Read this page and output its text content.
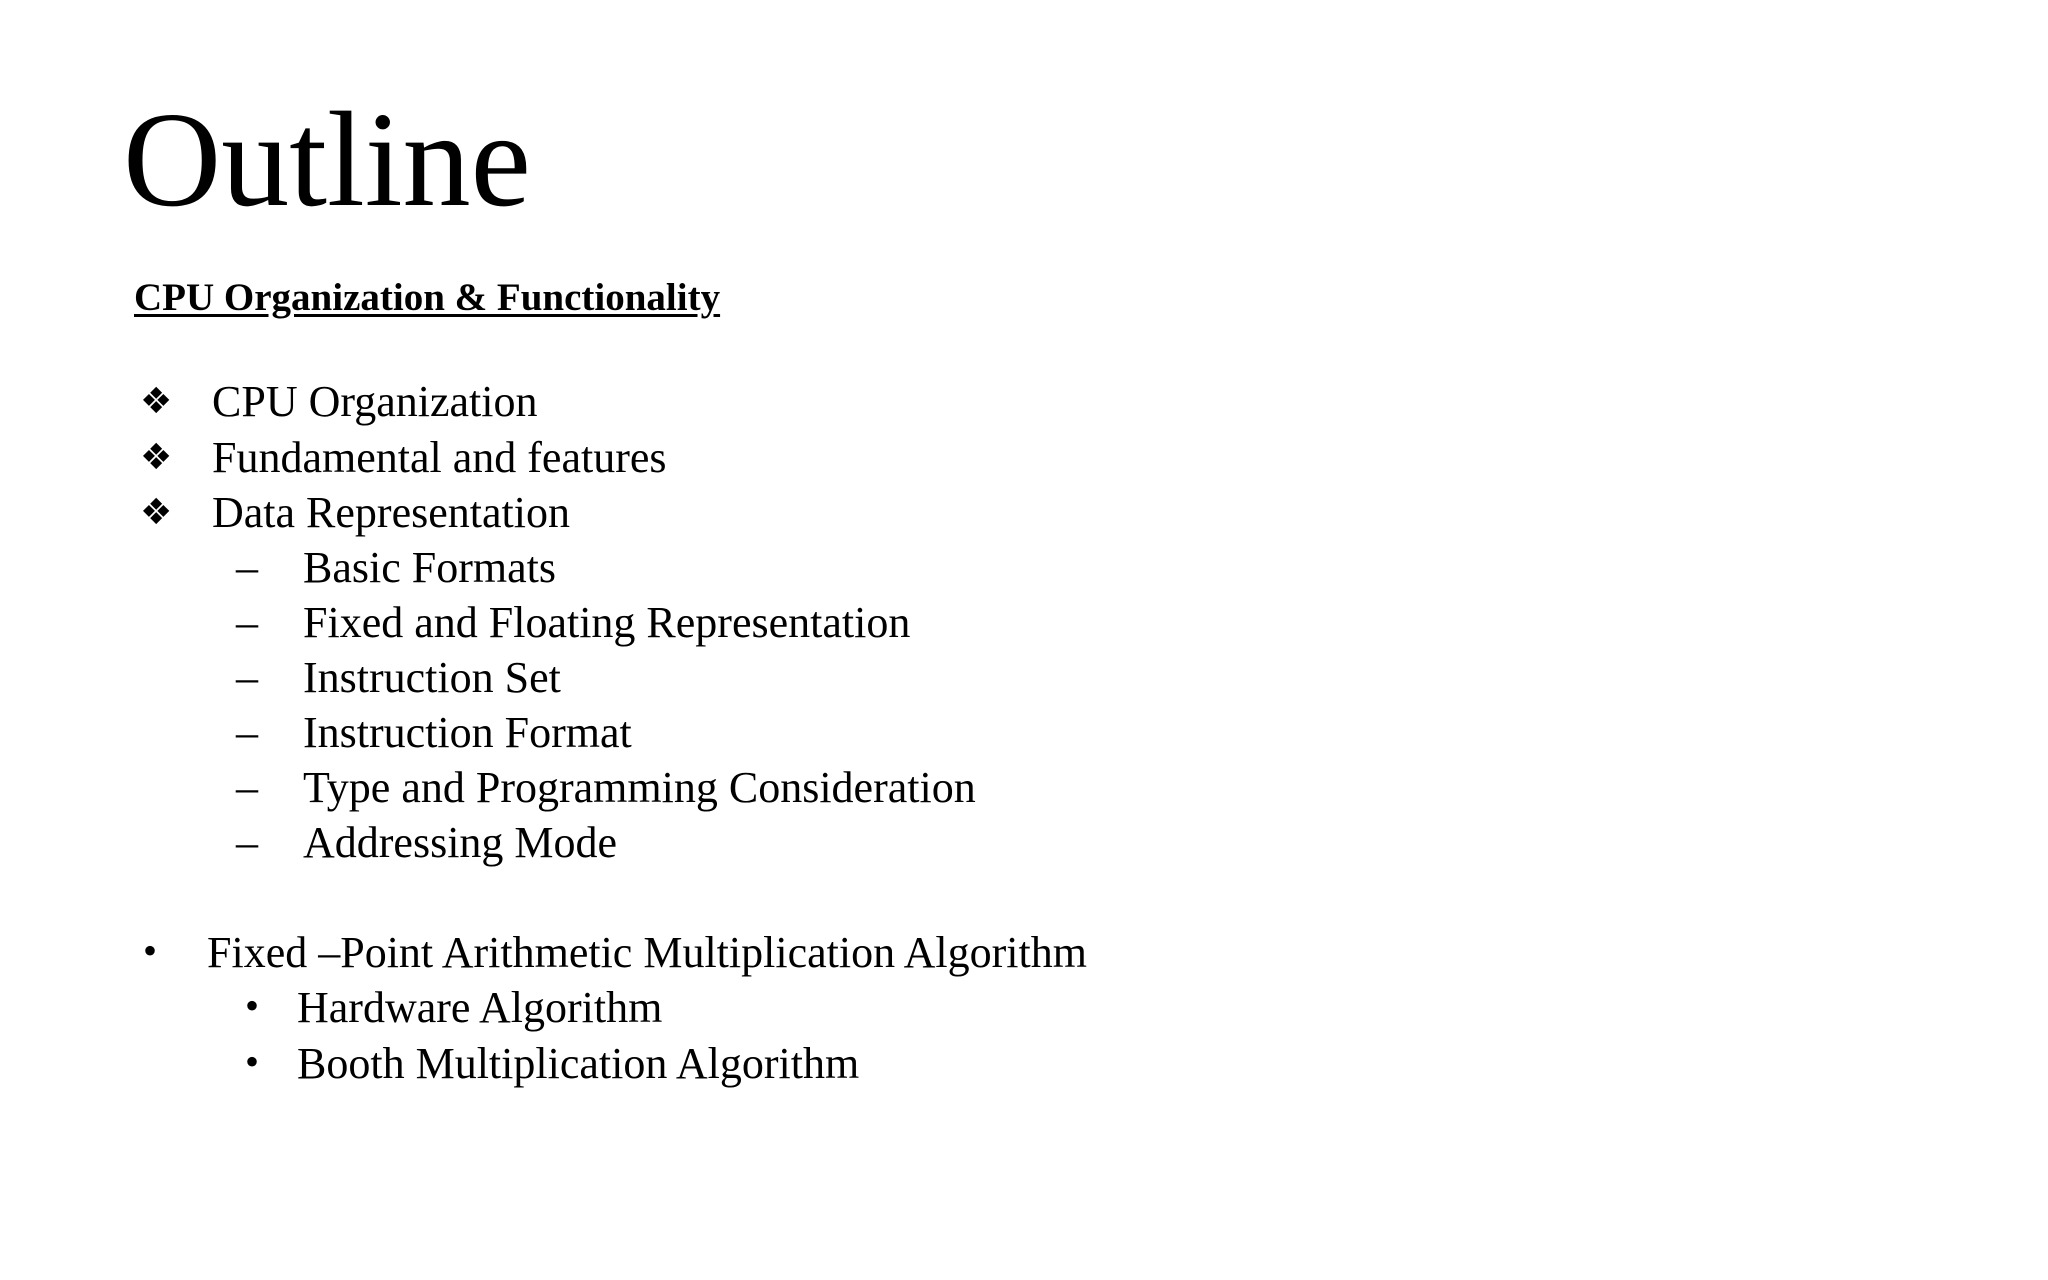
Outline
CPU Organization & Functionality
❖ CPU Organization
❖ Fundamental and features
❖ Data Representation
– Basic Formats
– Fixed and Floating Representation
– Instruction Set
– Instruction Format
– Type and Programming Consideration
– Addressing Mode
• Fixed –Point Arithmetic Multiplication Algorithm
• Hardware Algorithm
• Booth Multiplication Algorithm
